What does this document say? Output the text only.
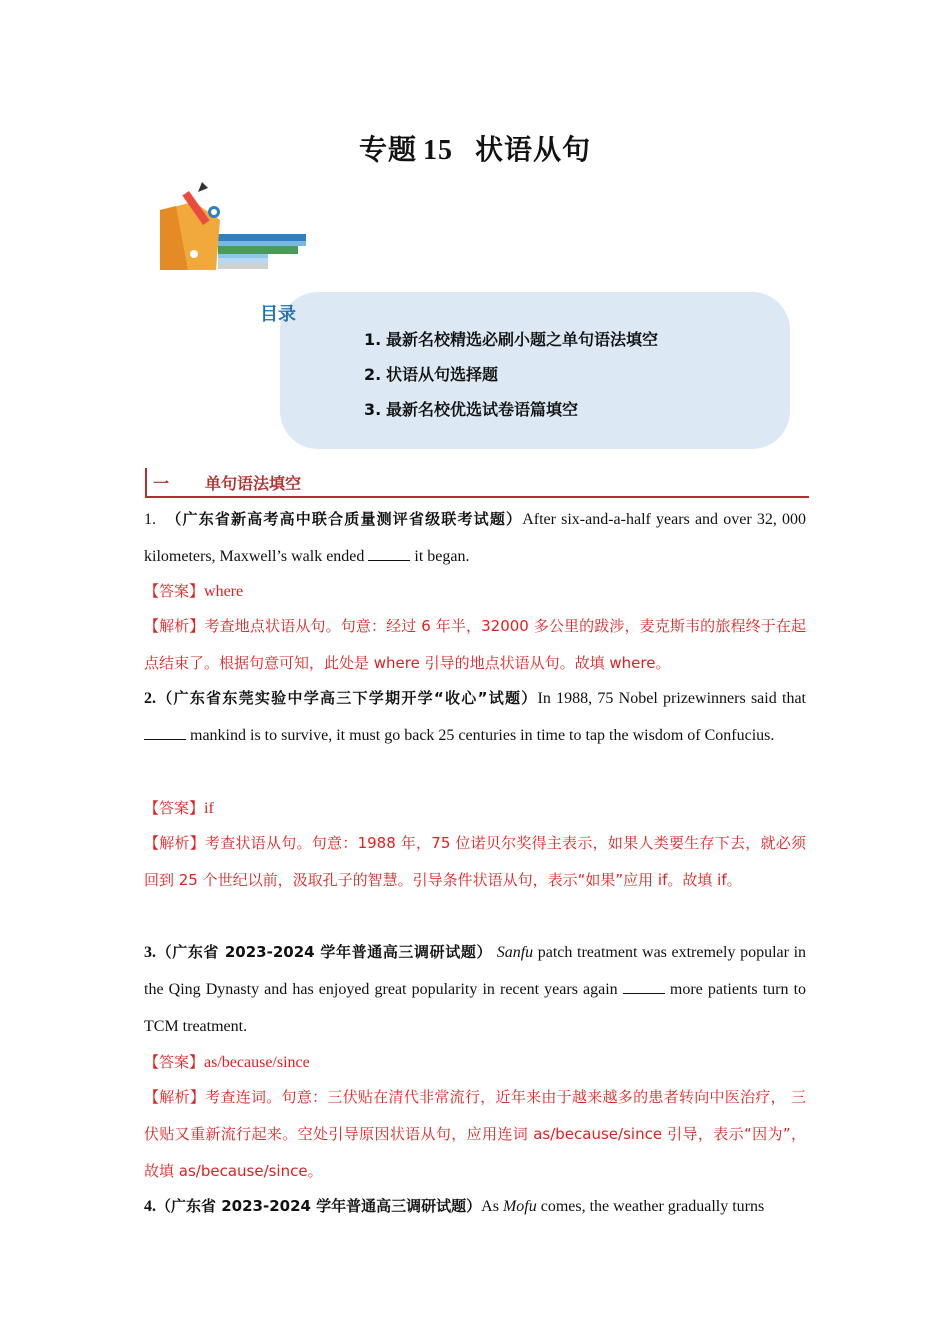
专题 15 状语从句
目录
1. 最新名校精选必刷小题之单句语法填空
2. 状语从句选择题
3. 最新名校优选试卷语篇填空
一 单句语法填空
1. （广东省新高考高中联合质量测评省级联考试题）After six-and-a-half years and over 32, 000 kilometers, Maxwell’s walk ended	it began.
【答案】where
【解析】考查地点状语从句。句意：经过 6 年半，32000 多公里的跋涉，麦克斯韦的旅程终于在起点结束了。根据句意可知，此处是 where 引导的地点状语从句。故填 where。
2.（广东省东莞实验中学高三下学期开学“收心”试题）In 1988, 75 Nobel prizewinners said that  mankind is to survive, it must go back 25 centuries in time to tap the wisdom of Confucius.
【答案】if
【解析】考查状语从句。句意：1988 年，75 位诺贝尔奖得主表示，如果人类要生存下去，就必须回到 25 个世纪以前，汲取孔子的智慧。引导条件状语从句，表示“如果”应用 if。故填 if。
3.（广东省 2023-2024 学年普通高三调研试题） Sanfu patch treatment was extremely popular in the Qing Dynasty and has enjoyed great popularity in recent years again	more patients turn to TCM treatment.
【答案】as/because/since
【解析】考查连词。句意：三伏贴在清代非常流行，近年来由于越来越多的患者转向中医治疗， 三伏贴又重新流行起来。空处引导原因状语从句，应用连词 as/because/since 引导，表示“因为”，故填 as/because/since。
4.（广东省 2023-2024 学年普通高三调研试题）As Mofu comes, the weather gradually turns
